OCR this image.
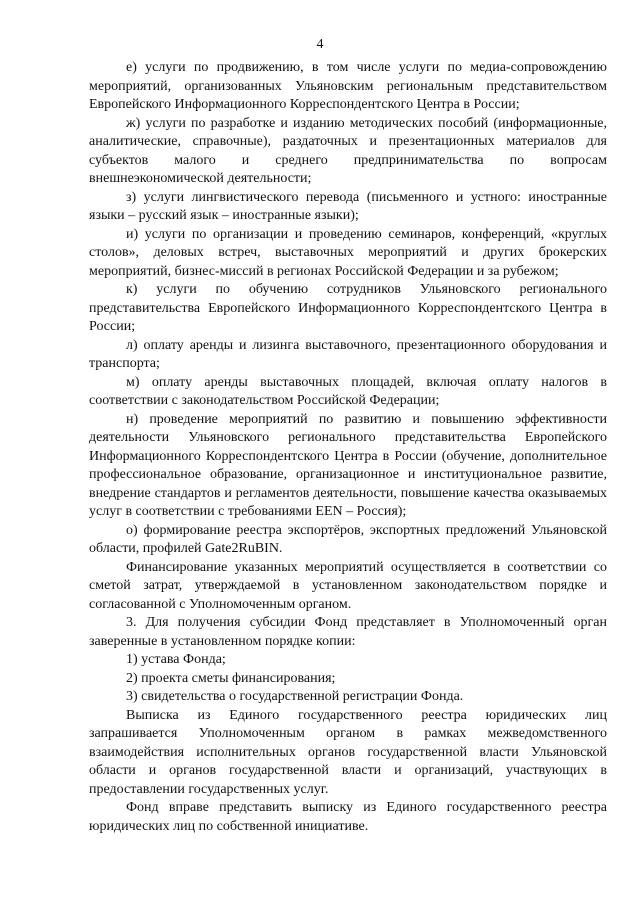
4

е) услуги по продвижению, в том числе услуги по медиа-сопровождению мероприятий, организованных Ульяновским региональным представительством Европейского Информационного Корреспондентского Центра в России;

ж) услуги по разработке и изданию методических пособий (информационные, аналитические, справочные), раздаточных и презентационных материалов для субъектов малого и среднего предпринимательства по вопросам внешнеэкономической деятельности;

з) услуги лингвистического перевода (письменного и устного: иностранные языки – русский язык – иностранные языки);

и) услуги по организации и проведению семинаров, конференций, «круглых столов», деловых встреч, выставочных мероприятий и других брокерских мероприятий, бизнес-миссий в регионах Российской Федерации и за рубежом;

к) услуги по обучению сотрудников Ульяновского регионального представительства Европейского Информационного Корреспондентского Центра в России;

л) оплату аренды и лизинга выставочного, презентационного оборудования и транспорта;

м) оплату аренды выставочных площадей, включая оплату налогов в соответствии с законодательством Российской Федерации;

н) проведение мероприятий по развитию и повышению эффективности деятельности Ульяновского регионального представительства Европейского Информационного Корреспондентского Центра в России (обучение, дополнительное профессиональное образование, организационное и институциональное развитие, внедрение стандартов и регламентов деятельности, повышение качества оказываемых услуг в соответствии с требованиями EEN – Россия);

о) формирование реестра экспортёров, экспортных предложений Ульяновской области, профилей Gate2RuBIN.

Финансирование указанных мероприятий осуществляется в соответствии со сметой затрат, утверждаемой в установленном законодательством порядке и согласованной с Уполномоченным органом.

3. Для получения субсидии Фонд представляет в Уполномоченный орган заверенные в установленном порядке копии:

1) устава Фонда;

2) проекта сметы финансирования;

3) свидетельства о государственной регистрации Фонда.

Выписка из Единого государственного реестра юридических лиц запрашивается Уполномоченным органом в рамках межведомственного взаимодействия исполнительных органов государственной власти Ульяновской области и органов государственной власти и организаций, участвующих в предоставлении государственных услуг.

Фонд вправе представить выписку из Единого государственного реестра юридических лиц по собственной инициативе.
